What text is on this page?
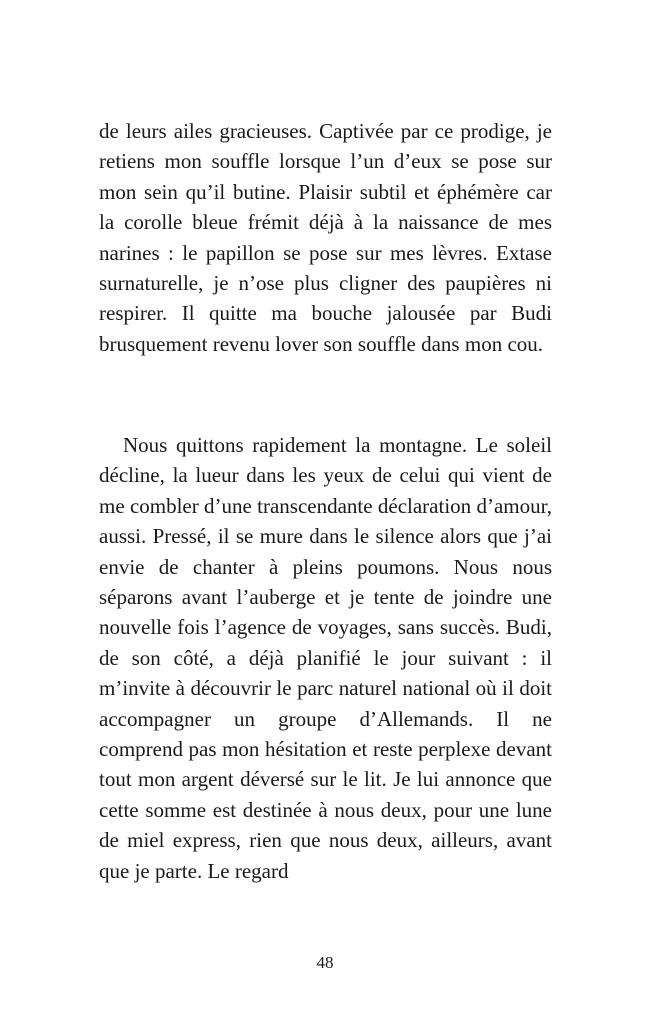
de leurs ailes gracieuses. Captivée par ce prodige, je retiens mon souffle lorsque l’un d’eux se pose sur mon sein qu’il butine. Plaisir subtil et éphémère car la corolle bleue frémit déjà à la naissance de mes narines : le papillon se pose sur mes lèvres. Extase surnaturelle, je n’ose plus cligner des paupières ni respirer. Il quitte ma bouche jalousée par Budi brusquement revenu lover son souffle dans mon cou.

Nous quittons rapidement la montagne. Le soleil décline, la lueur dans les yeux de celui qui vient de me combler d’une transcendante déclaration d’amour, aussi. Pressé, il se mure dans le silence alors que j’ai envie de chanter à pleins poumons. Nous nous séparons avant l’auberge et je tente de joindre une nouvelle fois l’agence de voyages, sans succès. Budi, de son côté, a déjà planifié le jour suivant : il m’invite à découvrir le parc naturel national où il doit accompagner un groupe d’Allemands. Il ne comprend pas mon hésitation et reste perplexe devant tout mon argent déversé sur le lit. Je lui annonce que cette somme est destinée à nous deux, pour une lune de miel express, rien que nous deux, ailleurs, avant que je parte. Le regard

48
